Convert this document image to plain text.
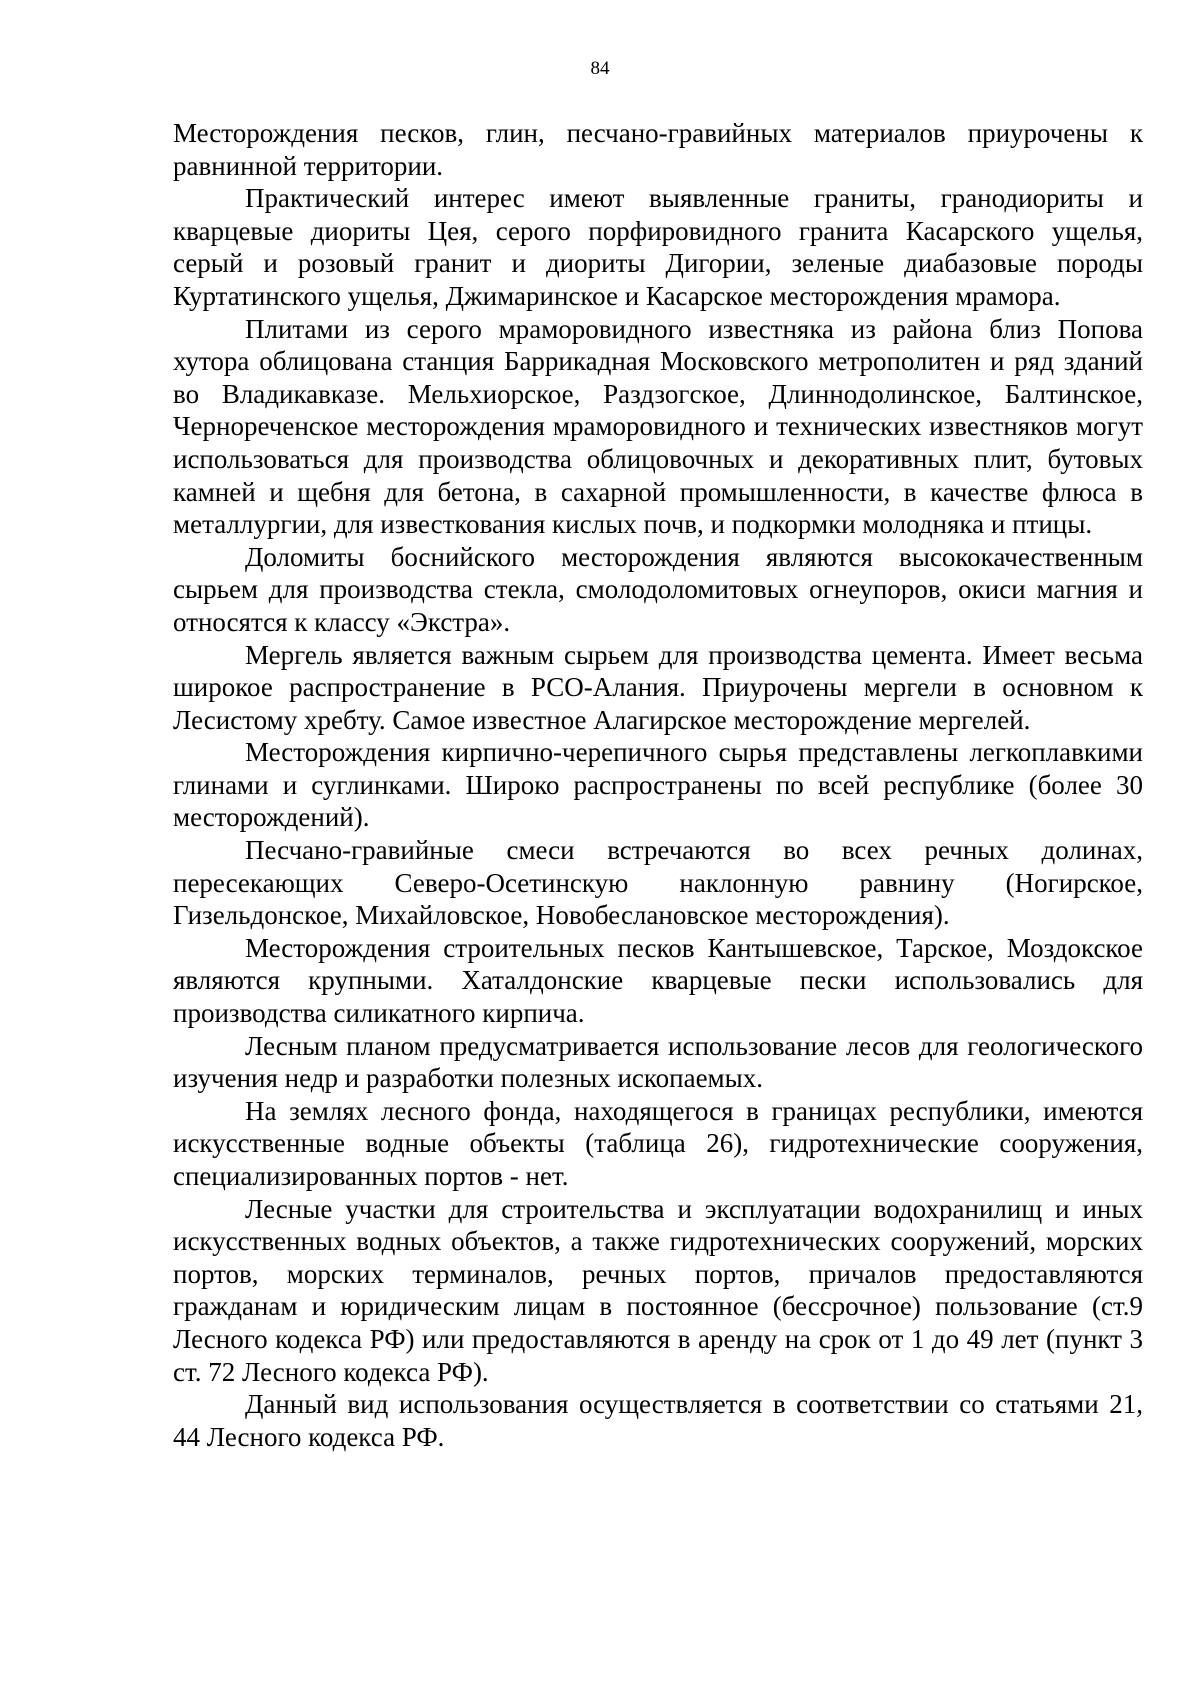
84

Месторождения песков, глин, песчано-гравийных материалов приурочены к равнинной территории.

Практический интерес имеют выявленные граниты, гранодиориты и кварцевые диориты Цея, серого порфировидного гранита Касарского ущелья, серый и розовый гранит и диориты Дигории, зеленые диабазовые породы Куртатинского ущелья, Джимаринское и Касарское месторождения мрамора.

Плитами из серого мраморовидного известняка из района близ Попова хутора облицована станция Баррикадная Московского метрополитен и ряд зданий во Владикавказе. Мельхиорское, Раздзогское, Длиннодолинское, Балтинское, Чернореченское месторождения мраморовидного и технических известняков могут использоваться для производства облицовочных и декоративных плит, бутовых камней и щебня для бетона, в сахарной промышленности, в качестве флюса в металлургии, для известкования кислых почв, и подкормки молодняка и птицы.

Доломиты боснийского месторождения являются высококачественным сырьем для производства стекла, смолодоломитовых огнеупоров, окиси магния и относятся к классу «Экстра».

Мергель является важным сырьем для производства цемента. Имеет весьма широкое распространение в РСО-Алания. Приурочены мергели в основном к Лесистому хребту. Самое известное Алагирское месторождение мергелей.

Месторождения кирпично-черепичного сырья представлены легкоплавкими глинами и суглинками. Широко распространены по всей республике (более 30 месторождений).

Песчано-гравийные смеси встречаются во всех речных долинах, пересекающих Северо-Осетинскую наклонную равнину (Ногирское, Гизельдонское, Михайловское, Новобеслановское месторождения).

Месторождения строительных песков Кантышевское, Тарское, Моздокское являются крупными. Хаталдонские кварцевые пески использовались для производства силикатного кирпича.

Лесным планом предусматривается использование лесов для геологического изучения недр и разработки полезных ископаемых.

На землях лесного фонда, находящегося в границах республики, имеются искусственные водные объекты (таблица 26), гидротехнические сооружения, специализированных портов - нет.

Лесные участки для строительства и эксплуатации водохранилищ и иных искусственных водных объектов, а также гидротехнических сооружений, морских портов, морских терминалов, речных портов, причалов предоставляются гражданам и юридическим лицам в постоянное (бессрочное) пользование (ст.9 Лесного кодекса РФ) или предоставляются в аренду на срок от 1 до 49 лет (пункт 3 ст. 72 Лесного кодекса РФ).

Данный вид использования осуществляется в соответствии со статьями 21, 44 Лесного кодекса РФ.
